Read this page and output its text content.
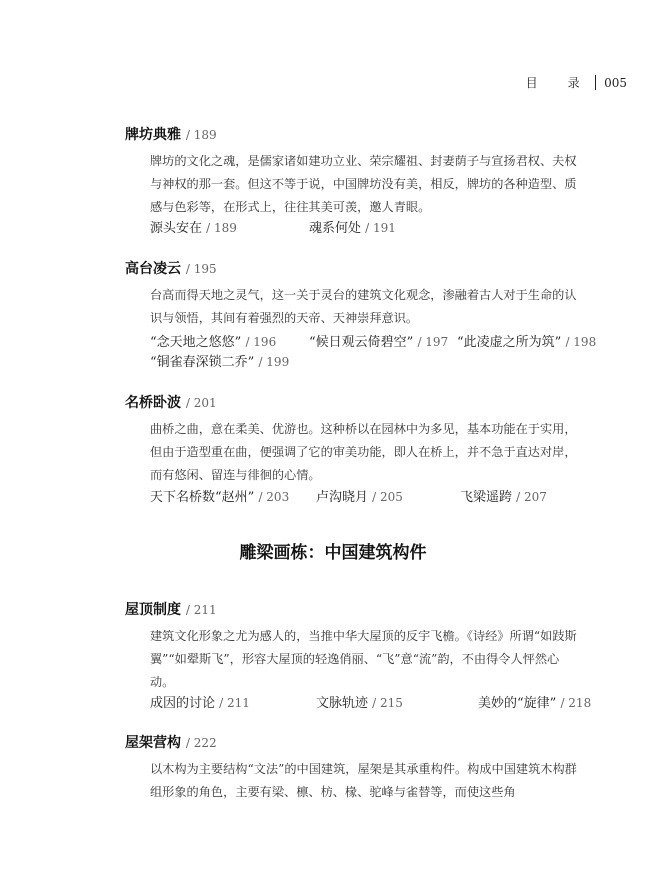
目　录 005
牌坊典雅 / 189
牌坊的文化之魂，是儒家诸如建功立业、荣宗耀祖、封妻荫子与宣扬君权、夫权与神权的那一套。但这不等于说，中国牌坊没有美，相反，牌坊的各种造型、质感与色彩等，在形式上，往往其美可羡，邀人青眼。
源头安在 / 189	魂系何处 / 191
高台凌云 / 195
台高而得天地之灵气，这一关于灵台的建筑文化观念，渗融着古人对于生命的认识与领悟，其间有着强烈的天帝、天神崇拜意识。
“念天地之悠悠” / 196	“候日观云倚碧空” / 197 “此凌虚之所为筑” / 198
“铜雀春深锁二乔” / 199
名桥卧波 / 201
曲桥之曲，意在柔美、优游也。这种桥以在园林中为多见，基本功能在于实用，但由于造型重在曲，便强调了它的审美功能，即人在桥上，并不急于直达对岸，而有悠闲、留连与徘徊的心情。
天下名桥数“赵州” / 203 卢沟晓月 / 205	飞梁遥跨 / 207
雕梁画栋：中国建筑构件
屋顶制度 / 211
建筑文化形象之尤为感人的，当推中华大屋顶的反宇飞檐。《诗经》所谓“如跂斯翼”“如翚斯飞”，形容大屋顶的轻逸俏丽、“飞”意“流”韵，不由得令人怦然心动。
成因的讨论 / 211	文脉轨迹 / 215	美妙的“旋律” / 218
屋架营构 / 222
以木构为主要结构“文法”的中国建筑，屋架是其承重构件。构成中国建筑木构群组形象的角色，主要有梁、檩、枋、椽、驼峰与雀替等，而使这些角
